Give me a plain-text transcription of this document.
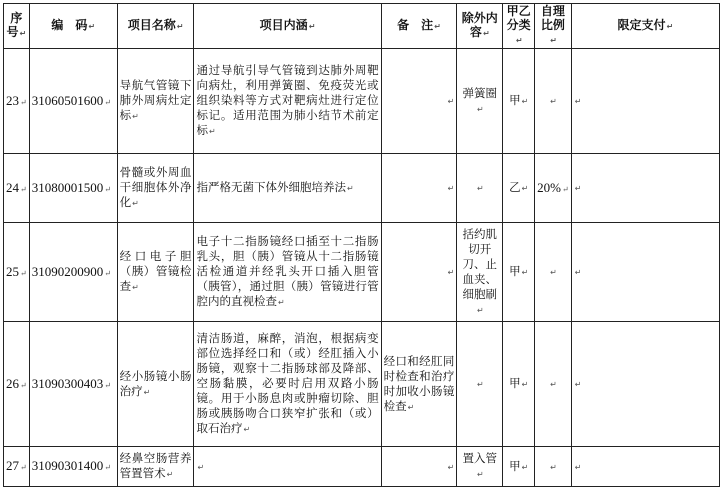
序号↵	编　码↵	项目名称↵	项目内涵↵	备　注↵	除外内容↵	甲乙分类↵	自理比例↵	限定支付↵
23↵	31060501600↵	导航气管镜下肺外周病灶定标↵	通过导航引导气管镜到达肺外周靶向病灶，利用弹簧圈、免疫荧光或组织染料等方式对靶病灶进行定位标记。适用范围为肺小结节术前定标↵	↵	弹簧圈↵	甲↵	↵	↵
24↵	31080001500↵	骨髓或外周血干细胞体外净化↵	指严格无菌下体外细胞培养法↵	↵	↵	乙↵	20%↵	↵
25↵	31090200900↵	经口电子胆（胰）管镜检查↵	电子十二指肠镜经口插至十二指肠乳头，胆（胰）管镜从十二指肠镜活检通道并经乳头开口插入胆管（胰管），通过胆（胰）管镜进行管腔内的直视检查↵	↵	括约肌切开刀、止血夹、细胞刷↵	甲↵	↵	↵
26↵	31090300403↵	经小肠镜小肠治疗↵	清洁肠道，麻醉，消泡，根据病变部位选择经口和（或）经肛插入小肠镜，观察十二指肠球部及降部、空肠黏膜，必要时启用双路小肠镜。用于小肠息肉或肿瘤切除、胆肠或胰肠吻合口狭窄扩张和（或）取石治疗↵	经口和经肛同时检查和治疗时加收小肠镜检查↵	↵	甲↵	↵	↵
27↵	31090301400↵	经鼻空肠营养管置管术↵	↵	↵	置入管↵	甲↵	↵	↵
